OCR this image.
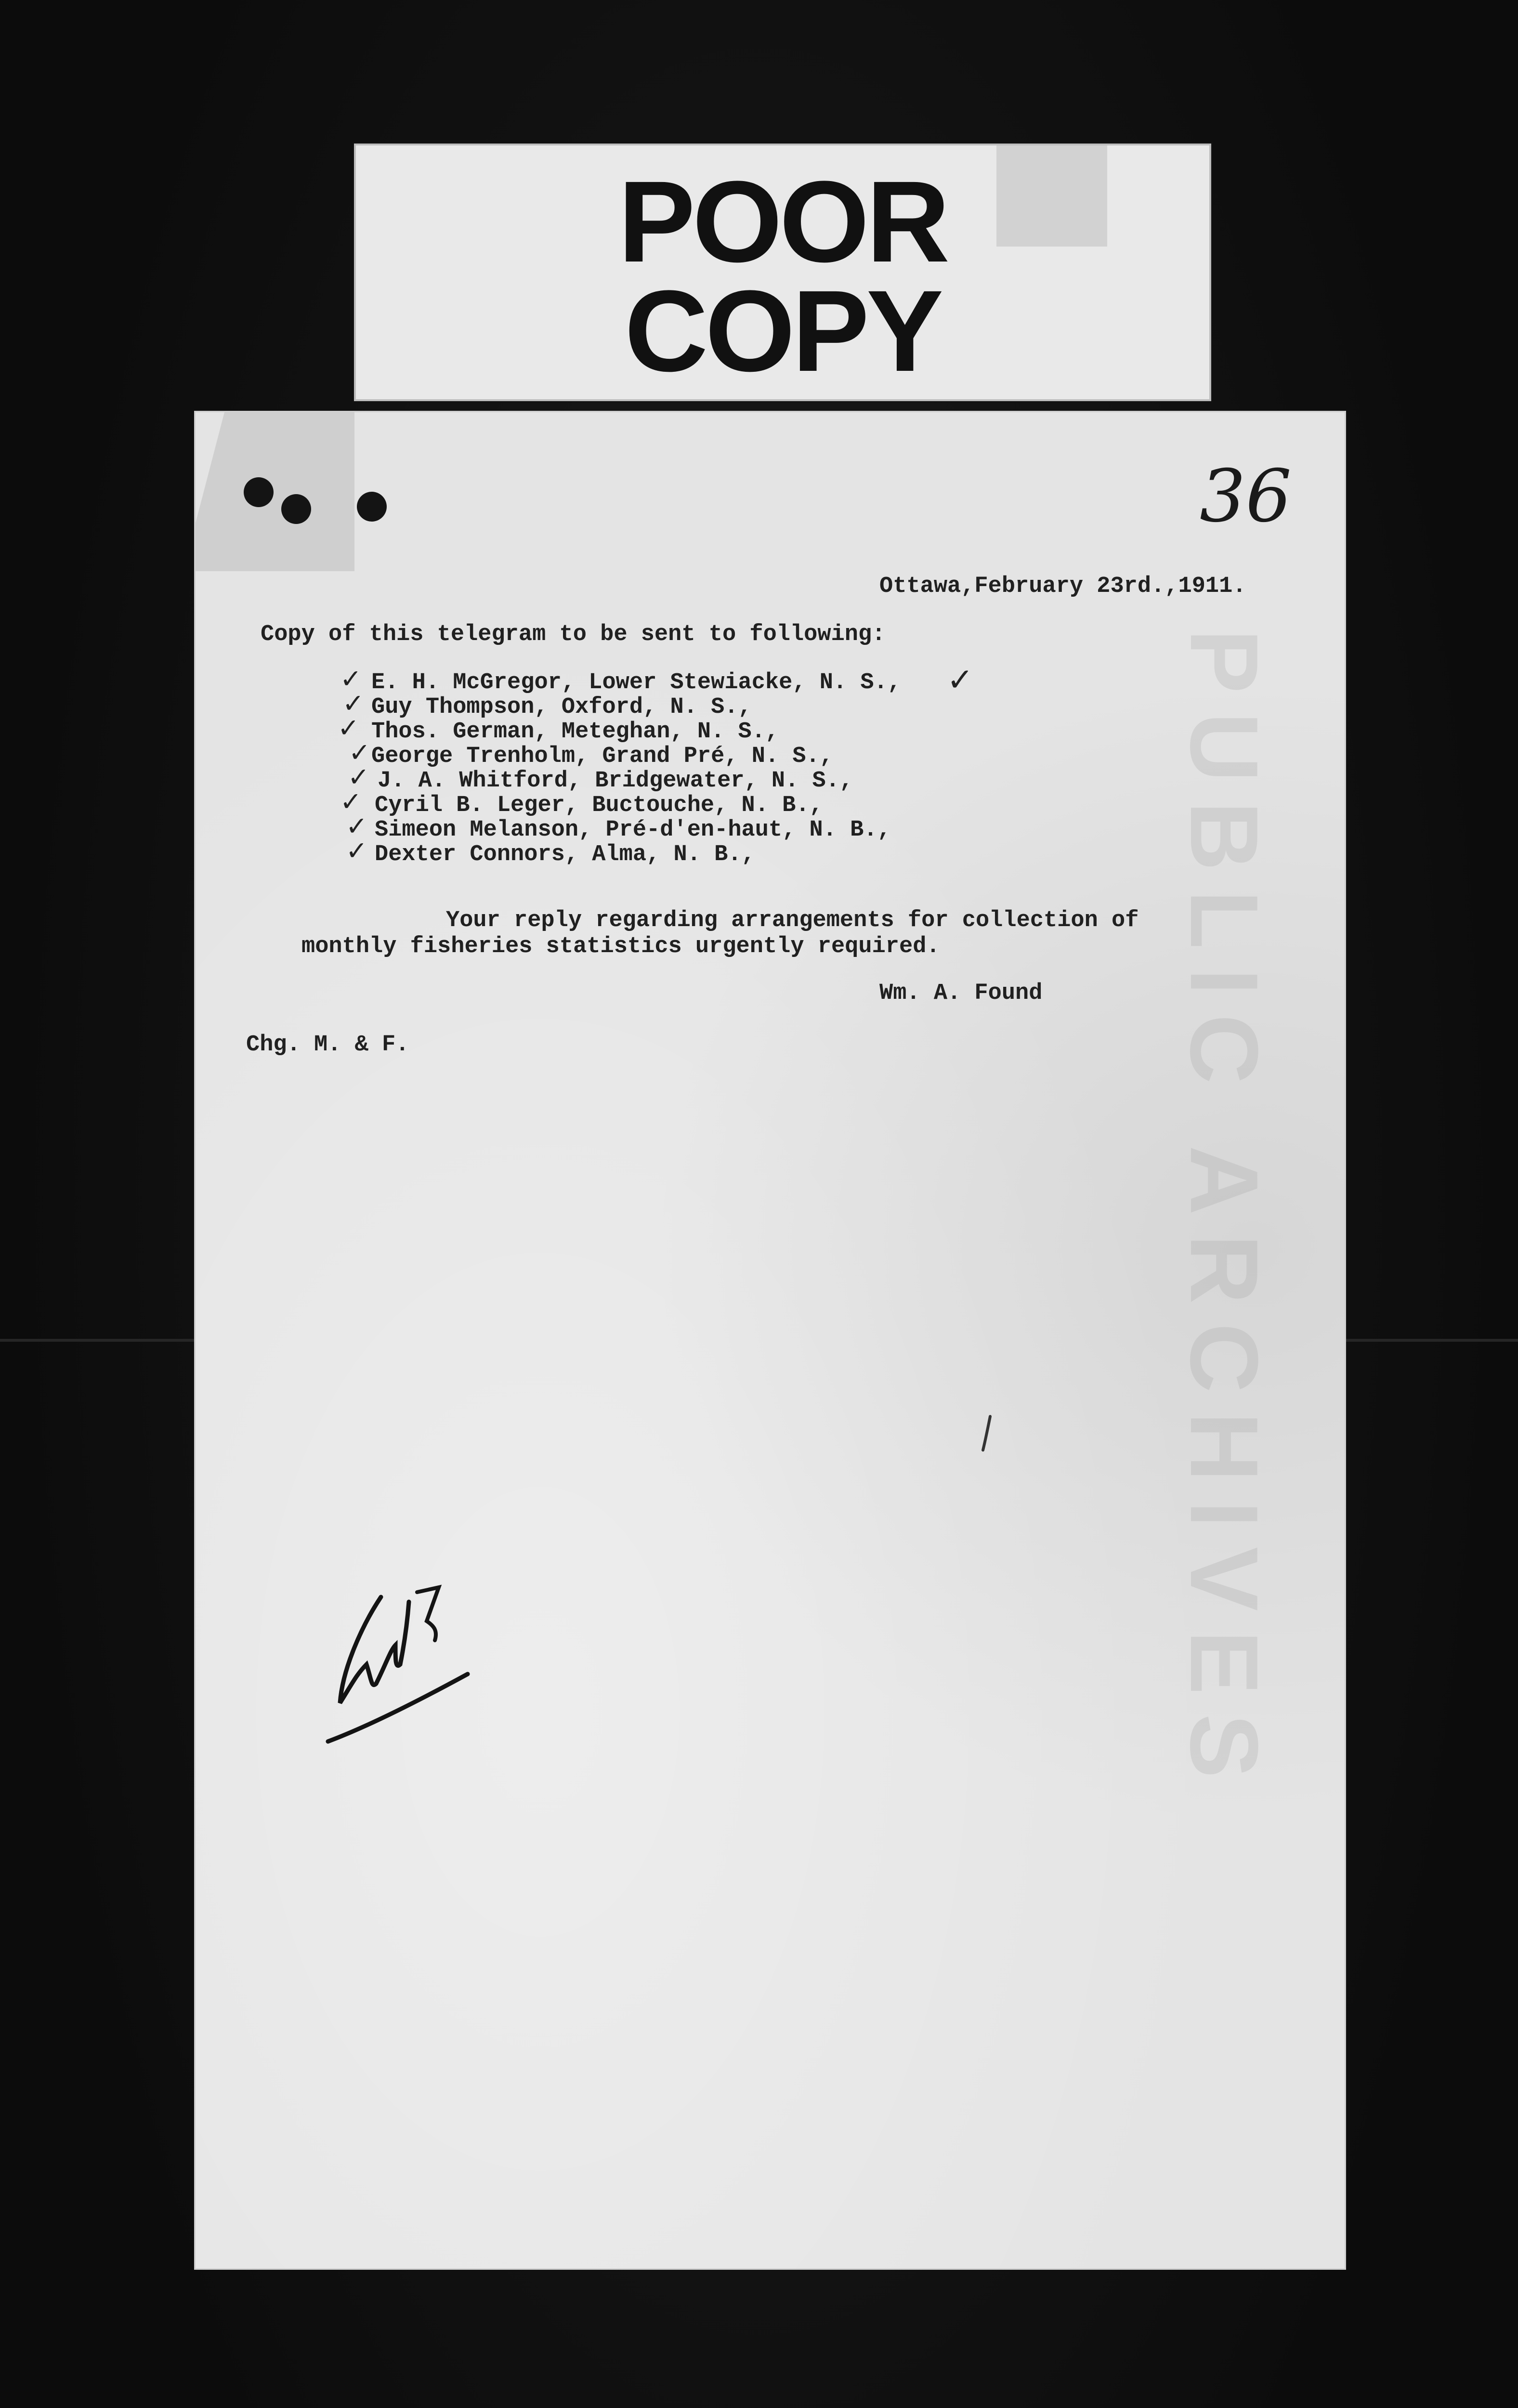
POOR
COPY
PUBLIC ARCHIVES
36
Ottawa,February 23rd.,1911.
Copy of this telegram to be sent to following:
✓ E. H. McGregor, Lower Stewiacke, N. S., ✓
✓ Guy Thompson, Oxford, N. S.,
✓ Thos. German, Meteghan, N. S.,
✓ George Trenholm, Grand Pré, N. S.,
✓ J. A. Whitford, Bridgewater, N. S.,
✓ Cyril B. Leger, Buctouche, N. B.,
✓ Simeon Melanson, Pré-d'en-haut, N. B.,
✓ Dexter Connors, Alma, N. B.,
Your reply regarding arrangements for collection of
monthly fisheries statistics urgently required.
Wm. A. Found
Chg. M. & F.
